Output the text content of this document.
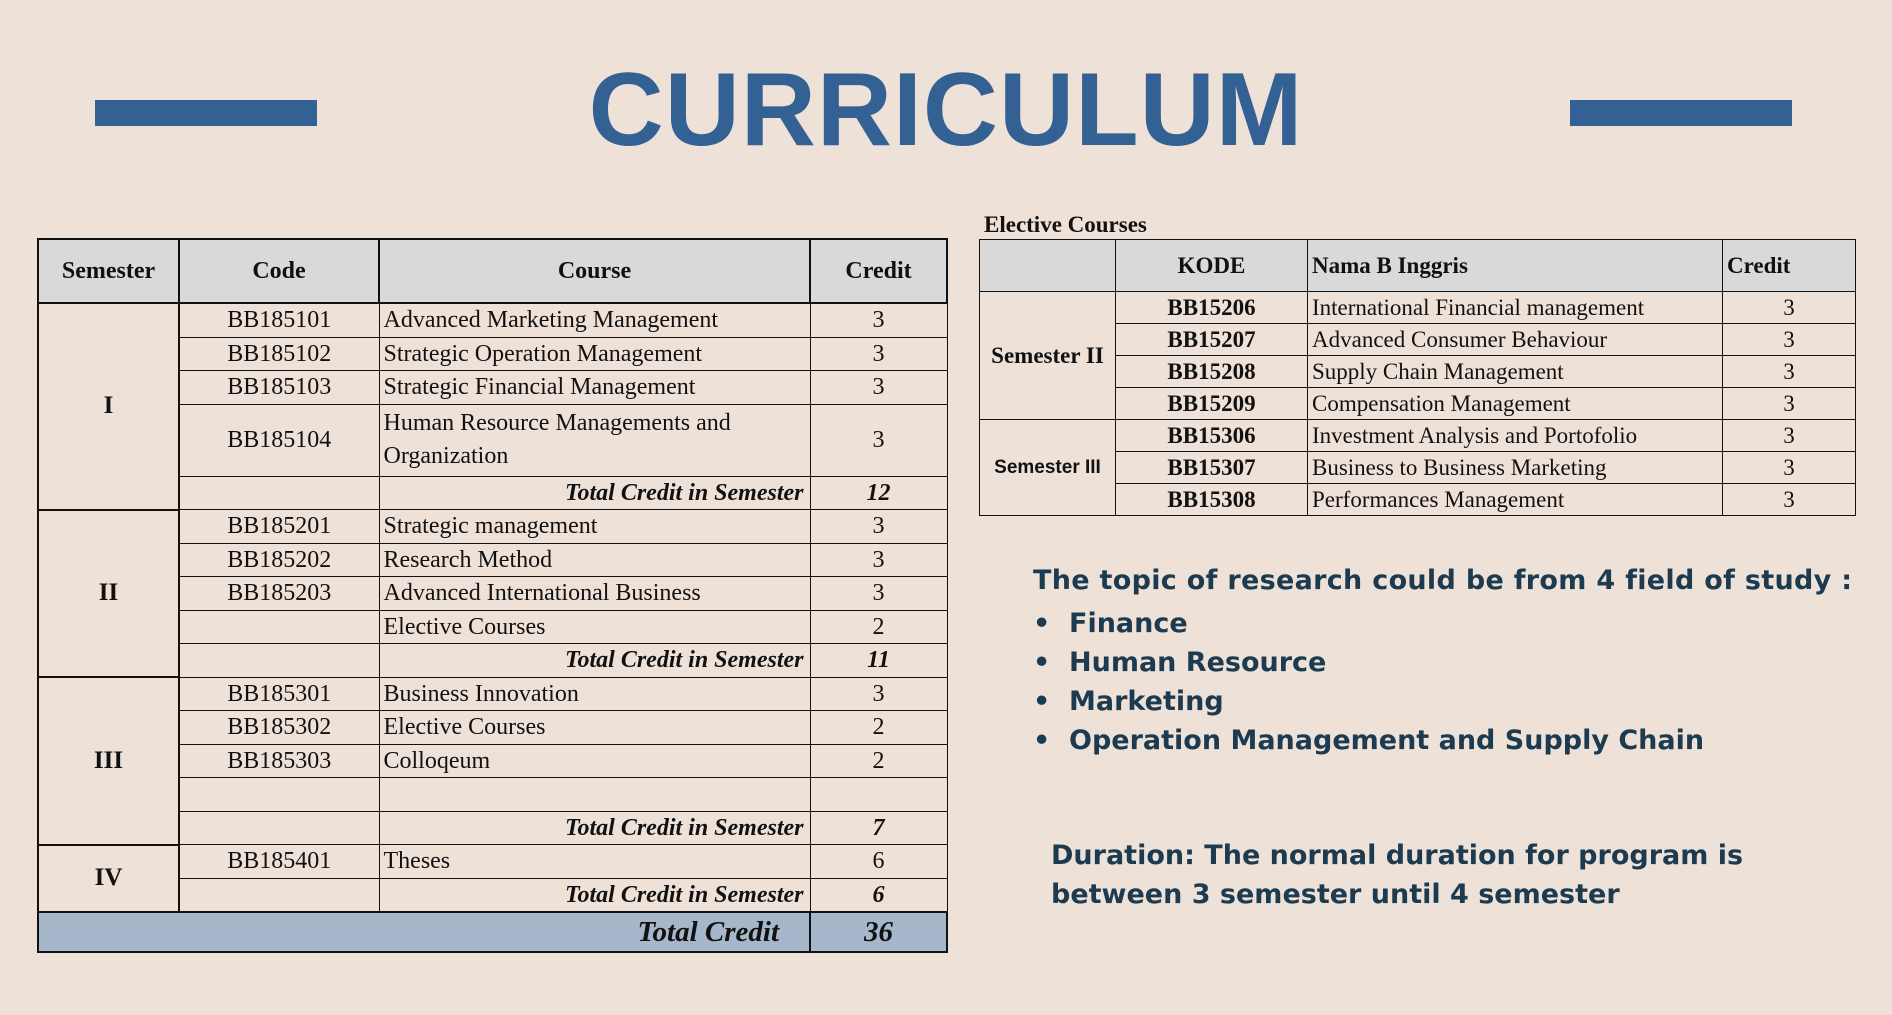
CURRICULUM
Semester	Code	Course	Credit
I	BB185101	Advanced Marketing Management	3
	BB185102	Strategic Operation Management	3
	BB185103	Strategic Financial Management	3
	BB185104	Human Resource Managements and Organization	3
		Total Credit in Semester	12
II	BB185201	Strategic management	3
	BB185202	Research Method	3
	BB185203	Advanced International Business	3
		Elective Courses	2
		Total Credit in Semester	11
III	BB185301	Business Innovation	3
	BB185302	Elective Courses	2
	BB185303	Colloqeum	2

		Total Credit in Semester	7
IV	BB185401	Theses	6
		Total Credit in Semester	6
Total Credit			36
Elective Courses
	KODE	Nama B Inggris	Credit
Semester II	BB15206	International Financial management	3
	BB15207	Advanced Consumer Behaviour	3
	BB15208	Supply Chain Management	3
	BB15209	Compensation Management	3
Semester III	BB15306	Investment Analysis and Portofolio	3
	BB15307	Business to Business Marketing	3
	BB15308	Performances Management	3
The topic of research could be from 4 field of study :
• Finance
• Human Resource
• Marketing
• Operation Management and Supply Chain
Duration: The normal duration for program is between 3 semester until 4 semester
